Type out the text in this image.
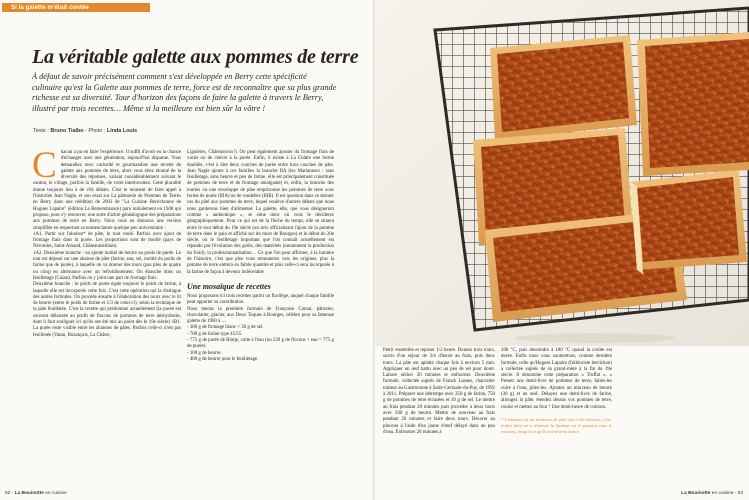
Si la galette m'était contée
La véritable galette aux pommes de terre

À défaut de savoir précisément comment s'est développée en Berry cette spécificité culinaire qu'est la Galette aux pommes de terre, force est de reconnaître que sa plus grande richesse est sa diversité. Tour d'horizon des façons de faire la galette à travers le Berry, illustré par trois recettes… Même si la meilleure est bien sûr la vôtre !

Texte : Bruno Tialbo - Photo : Linda Louis
C hacun a pu en faire l'expérience. Il suffit d'avoir eu la chance d'échanger avec une génération, aujourd'hui disparue. Vous demandiez avec curiosité et gourmandise une recette de galette aux pommes de terre, alors vous étiez étonné de la diversité des réponses, variant considérablement suivant le canton, le village, parfois la famille, de votre interlocuteur. Cette pluralité donne toujours lieu à de vifs débats. C'est le moment de faire appel à l'historien Jean Nagle, et son essai sur La pâtisserie de Pommes de Terres en Berry dans une réédition de 2003 de "La Cuisine Berrichonne de Hugues Lapaire" (édition La Remembrance) paru initialement en 1948 qui propose, pour s'y retrouver, une sorte d'arbre généalogique des préparations aux pommes de terre en Berry. Nous vous en donnons une version simplifiée en respectant sa nomenclature quelque peu universitaire :

1A1. Partir sur l'abaisse* de pâte, le tout roulé. Parfois avec ajout de fromage frais dans la purée. Les proportions sont de moitié (pays de Nérondes, Saint-Amand, Châteaumeillant).

1A2. Deuxième branche : on ajoute moitié de beurre au poids de purée. Le tout est déposé sur une abaisse de pâte (farine, eau, sel, moitié du poids de farine que de purée), à laquelle on va donner des tours (pas plus de quatre ou cinq) en alternance avec un refroidissement. On ébauche donc un feuilletage (Culan). Parfois on y joint une part de fromage frais.

Deuxième branche : le poids de purée égale toujours le poids de farine, à laquelle elle est incorporée cette fois. C'est cette opération qui la distingue des autres formules. On procède ensuite à l'élaboration des tours avec le lit de beurre (entre le poids de farine et 1/3 de celui-ci), selon la technique de la pâte feuilletée. C'est la recette qui prédomine actuellement (la purée est souvent délaissée au profit de flocons de pommes de terre déshydratés, dont il faut souligner ici qu'ils ont été mis au point dès le 19e siècle) 1B1. La purée reste visible entre les abaisses de pâtes. Parfois celle-ci n'est pas feuilletée (Vatan, Buzançais, La Châtre,

Lignières, Châteauroux!). On peut également ajouter du fromage frais de vache ou de chèvre à la purée. Enfin, il existe à La Châtre une forme doublée, c'est à dire deux couches de purée entre trois couches de pâte. Jean Nagle ajoute à ces familles la branche IIA (les Marianners : sans feuilletage, sans beurre et peu de farine, elle est principalement constituée de pommes de terre et de fromage amalgamé) et, enfin, la branche des tourtes où une enveloppe de pâte emprisonne les pommes de terre sous forme de purée (IIIA) ou de rondelles (IIIB). Il est question dans ce dernier cas du pâté aux pommes de terre, lequel soulève d'autres débats que nous nous garderons bien d'alimenter. La galette, elle, que vous désigneront comme « authentique », se situe donc où vous le déciderez géographiquement. Pour ce qui est de la flèche du temps, elle se situera entre le tout début du 19e siècle (un avis officialisant l'ajout de la pomme de terre dans le pain et affiché sur les murs de Bourges) et le début du 20e siècle, où le feuilletage important que l'on connaît actuellement est répandu par l'évolution des goûts, des matériels (notamment la production du froid), la professionnalisation… Ce que l'on peut affirmer, à la lumière de l'histoire, c'est que plus vous remonterez vers les origines, plus la pomme de terre entrera en faible quantité et plus celle-ci sera incorporée à la farine de façon à devenir indécelable

Une mosaïque de recettes

Nous proposons ici trois recettes parmi un florilège, auquel chaque famille peut apporter sa contribution.

Nous tenons la première formule de Françoise Carnat, pâtissier, chocolatier, glacier, aux Deux Toques à Bourges, célèbre pour sa fameuse galette de 1960 à …

- 300 g de fromage blanc + 30 g de sel.

- 700 g de farine type 45/55.

- 775 g de purée de Bintje, cuite à l'eau (ou 220 g de flocons + eau = 775 g de purée).

- 100 g de beurre.

- 480 g de beurre pour le feuilletage.

62 - La Bouinotte en cuisine

Pétrir ensemble et reposer 1/2 heure. Donner trois tours, suivis d'un séjour de 3/4 d'heure au frais, puis deux tours. La pâte est aplatie chaque fois à environ 5 mm. Appliquer un œuf battu avec un peu de sel pour dorer. Laisser sécher 20 minutes et enfourner. Deuxième formule, collectée auprès de Franck Lasnes, charcutier traiteur au Gastronome à Saint-Germain-du-Puy, de 1992 à 2011. Préparer une détrempe avec 250 g de farine, 750 g de pommes de terre écrasées et 10 g de sel. Le mettre au frais pendant 20 minutes puis procéder à deux tours avec 500 g de beurre. Mettre de nouveau au frais pendant 20 minutes et faire deux tours. Décorer au pinceau à l'aide d'un jaune d'œuf délayé dans un peu d'eau. Enfourner 20 minutes à

200 °C, puis descendre à 180 °C quand la croûte est dorée. Enfin nous vous soumettons, comme dernière formule, celle qu'Hugues Lapaire (folkloriste berrichon) a collectée auprès de sa grand-mère à la fin du 19e siècle. Il dénomme cette préparation « Truffat ». « Prenez une demi-livre de pommes de terre, faites-les cuire à l'eau, pilez-les. Ajoutez un morceau de beurre (30 g) et un œuf. Délayez une demi-livre de farine, allongez la pâte, étendez dessus vos pommes de terre, roulez et mettez au four ! Une demi-heure de cuisson.

* L'abaisse est un morceau de pâte qui a été abaissé, c'est-à-dire dont on a diminué la hauteur en le passant sous le rouleau, jusqu'à ce qu'il soit devenu mince.

La Bouinotte en cuisine - 63
